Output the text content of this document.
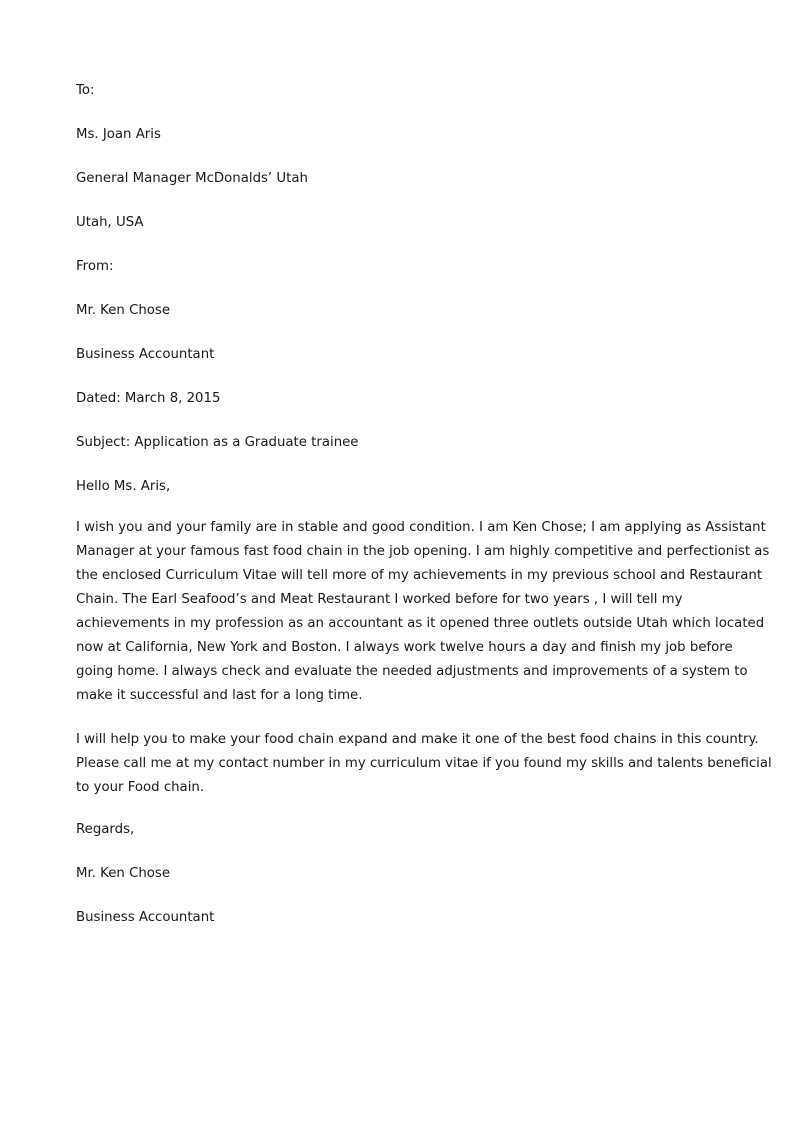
To:
Ms. Joan Aris
General Manager McDonalds’ Utah
Utah, USA
From:
Mr. Ken Chose
Business Accountant
Dated: March 8, 2015
Subject: Application as a Graduate trainee
Hello Ms. Aris,
I wish you and your family are in stable and good condition. I am Ken Chose; I am applying as Assistant
Manager at your famous fast food chain in the job opening. I am highly competitive and perfectionist as
the enclosed Curriculum Vitae will tell more of my achievements in my previous school and Restaurant
Chain. The Earl Seafood’s and Meat Restaurant I worked before for two years , I will tell my
achievements in my profession as an accountant as it opened three outlets outside Utah which located
now at California, New York and Boston. I always work twelve hours a day and finish my job before
going home. I always check and evaluate the needed adjustments and improvements of a system to
make it successful and last for a long time.
I will help you to make your food chain expand and make it one of the best food chains in this country.
Please call me at my contact number in my curriculum vitae if you found my skills and talents beneficial
to your Food chain.
Regards,
Mr. Ken Chose
Business Accountant
